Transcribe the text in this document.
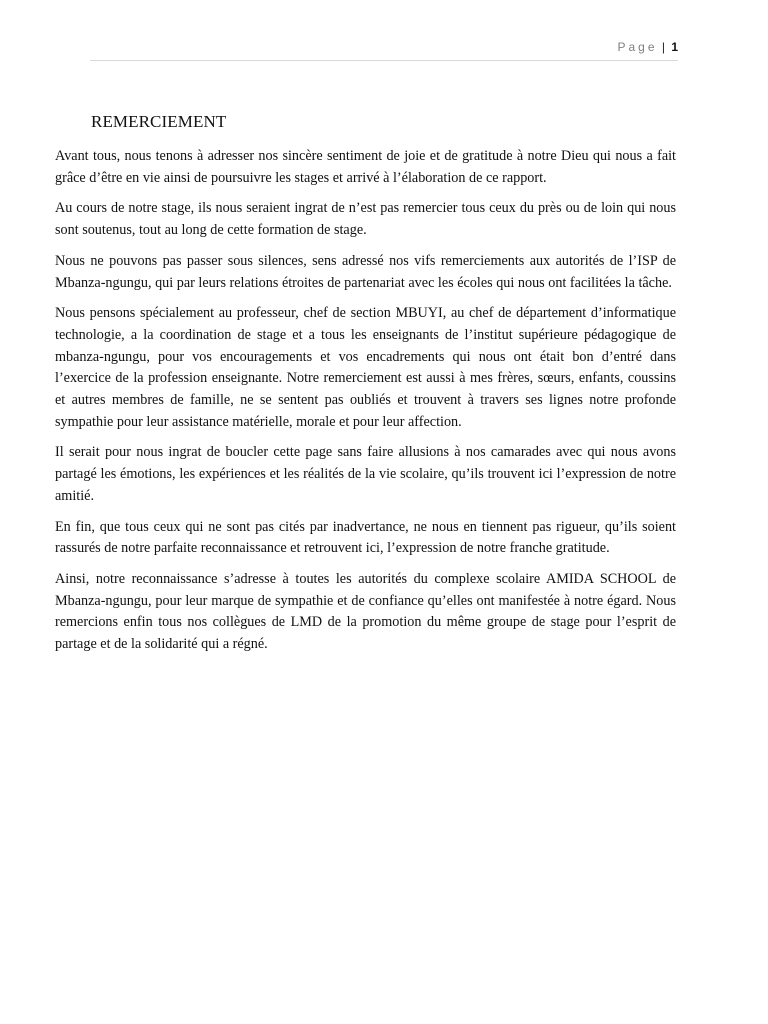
Page | 1
REMERCIEMENT

Avant tous, nous tenons à adresser nos sincère sentiment de joie et de gratitude à notre Dieu qui nous a fait grâce d’être en vie ainsi de poursuivre les stages et arrivé à l’élaboration de ce rapport.

Au cours de notre stage, ils nous seraient ingrat de n’est pas remercier tous ceux du près ou de loin qui nous sont soutenus, tout au long de cette formation de stage.

Nous ne pouvons pas passer sous silences, sens adressé nos vifs remerciements aux autorités de l’ISP de Mbanza-ngungu, qui par leurs relations étroites de partenariat avec les écoles qui nous ont facilitées la tâche.

Nous pensons spécialement au professeur, chef de section MBUYI, au chef de département d’informatique technologie, a la coordination de stage et a tous les enseignants de l’institut supérieure pédagogique de mbanza-ngungu, pour vos encouragements et vos encadrements qui nous ont était bon d’entré dans l’exercice de la profession enseignante. Notre remerciement est aussi à mes frères, sœurs, enfants, coussins et autres membres de famille, ne se sentent pas oubliés et trouvent à travers ses lignes notre profonde sympathie pour leur assistance matérielle, morale et pour leur affection.

Il serait pour nous ingrat de boucler cette page sans faire allusions à nos camarades avec qui nous avons partagé les émotions, les expériences et les réalités de la vie scolaire, qu’ils trouvent ici l’expression de notre amitié.

En fin, que tous ceux qui ne sont pas cités par inadvertance, ne nous en tiennent pas rigueur, qu’ils soient rassurés de notre parfaite reconnaissance et retrouvent ici, l’expression de notre franche gratitude.

Ainsi, notre reconnaissance s’adresse à toutes les autorités du complexe scolaire AMIDA SCHOOL de Mbanza-ngungu, pour leur marque de sympathie et de confiance qu’elles ont manifestée à notre égard. Nous remercions enfin tous nos collègues de LMD de la promotion du même groupe de stage pour l’esprit de partage et de la solidarité qui a régné.
